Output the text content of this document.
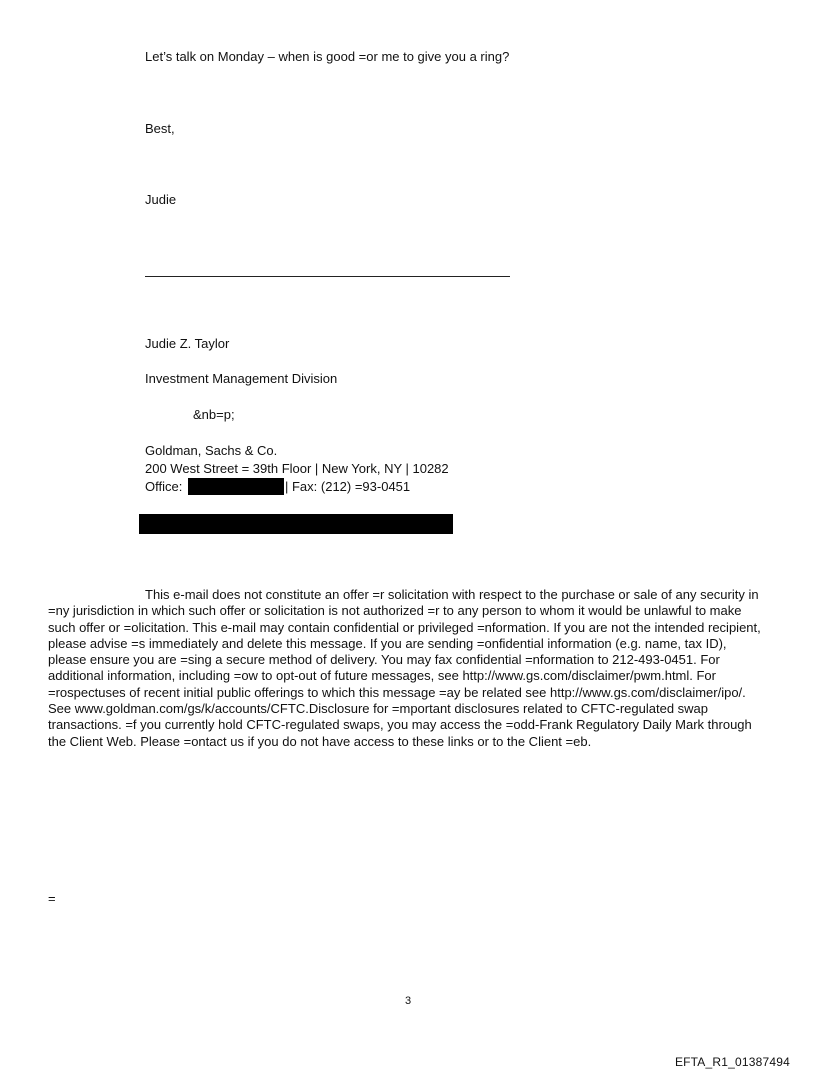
Let’s talk on Monday – when is good =or me to give you a ring?
Best,
Judie
Judie Z. Taylor
Investment Management Division
&nb=p;
Goldman, Sachs & Co.
200 West Street = 39th Floor | New York, NY | 10282
Office:	| Fax: (212) =93-0451
This e-mail does not constitute an offer =r solicitation with respect to the purchase or sale of any security in =ny jurisdiction in which such offer or solicitation is not authorized =r to any person to whom it would be unlawful to make such offer or =olicitation. This e-mail may contain confidential or privileged =nformation. If you are not the intended recipient, please advise =s immediately and delete this message. If you are sending =onfidential information (e.g. name, tax ID), please ensure you are =sing a secure method of delivery. You may fax confidential =nformation to 212-493-0451. For additional information, including =ow to opt-out of future messages, see http://www.gs.com/disclaimer/pwm.html. For =rospectuses of recent initial public offerings to which this message =ay be related see http://www.gs.com/disclaimer/ipo/. See www.goldman.com/gs/k/accounts/CFTC.Disclosure for =mportant disclosures related to CFTC-regulated swap transactions. =f you currently hold CFTC-regulated swaps, you may access the =odd-Frank Regulatory Daily Mark through the Client Web. Please =ontact us if you do not have access to these links or to the Client =eb.
=
3
EFTA_R1_01387494
